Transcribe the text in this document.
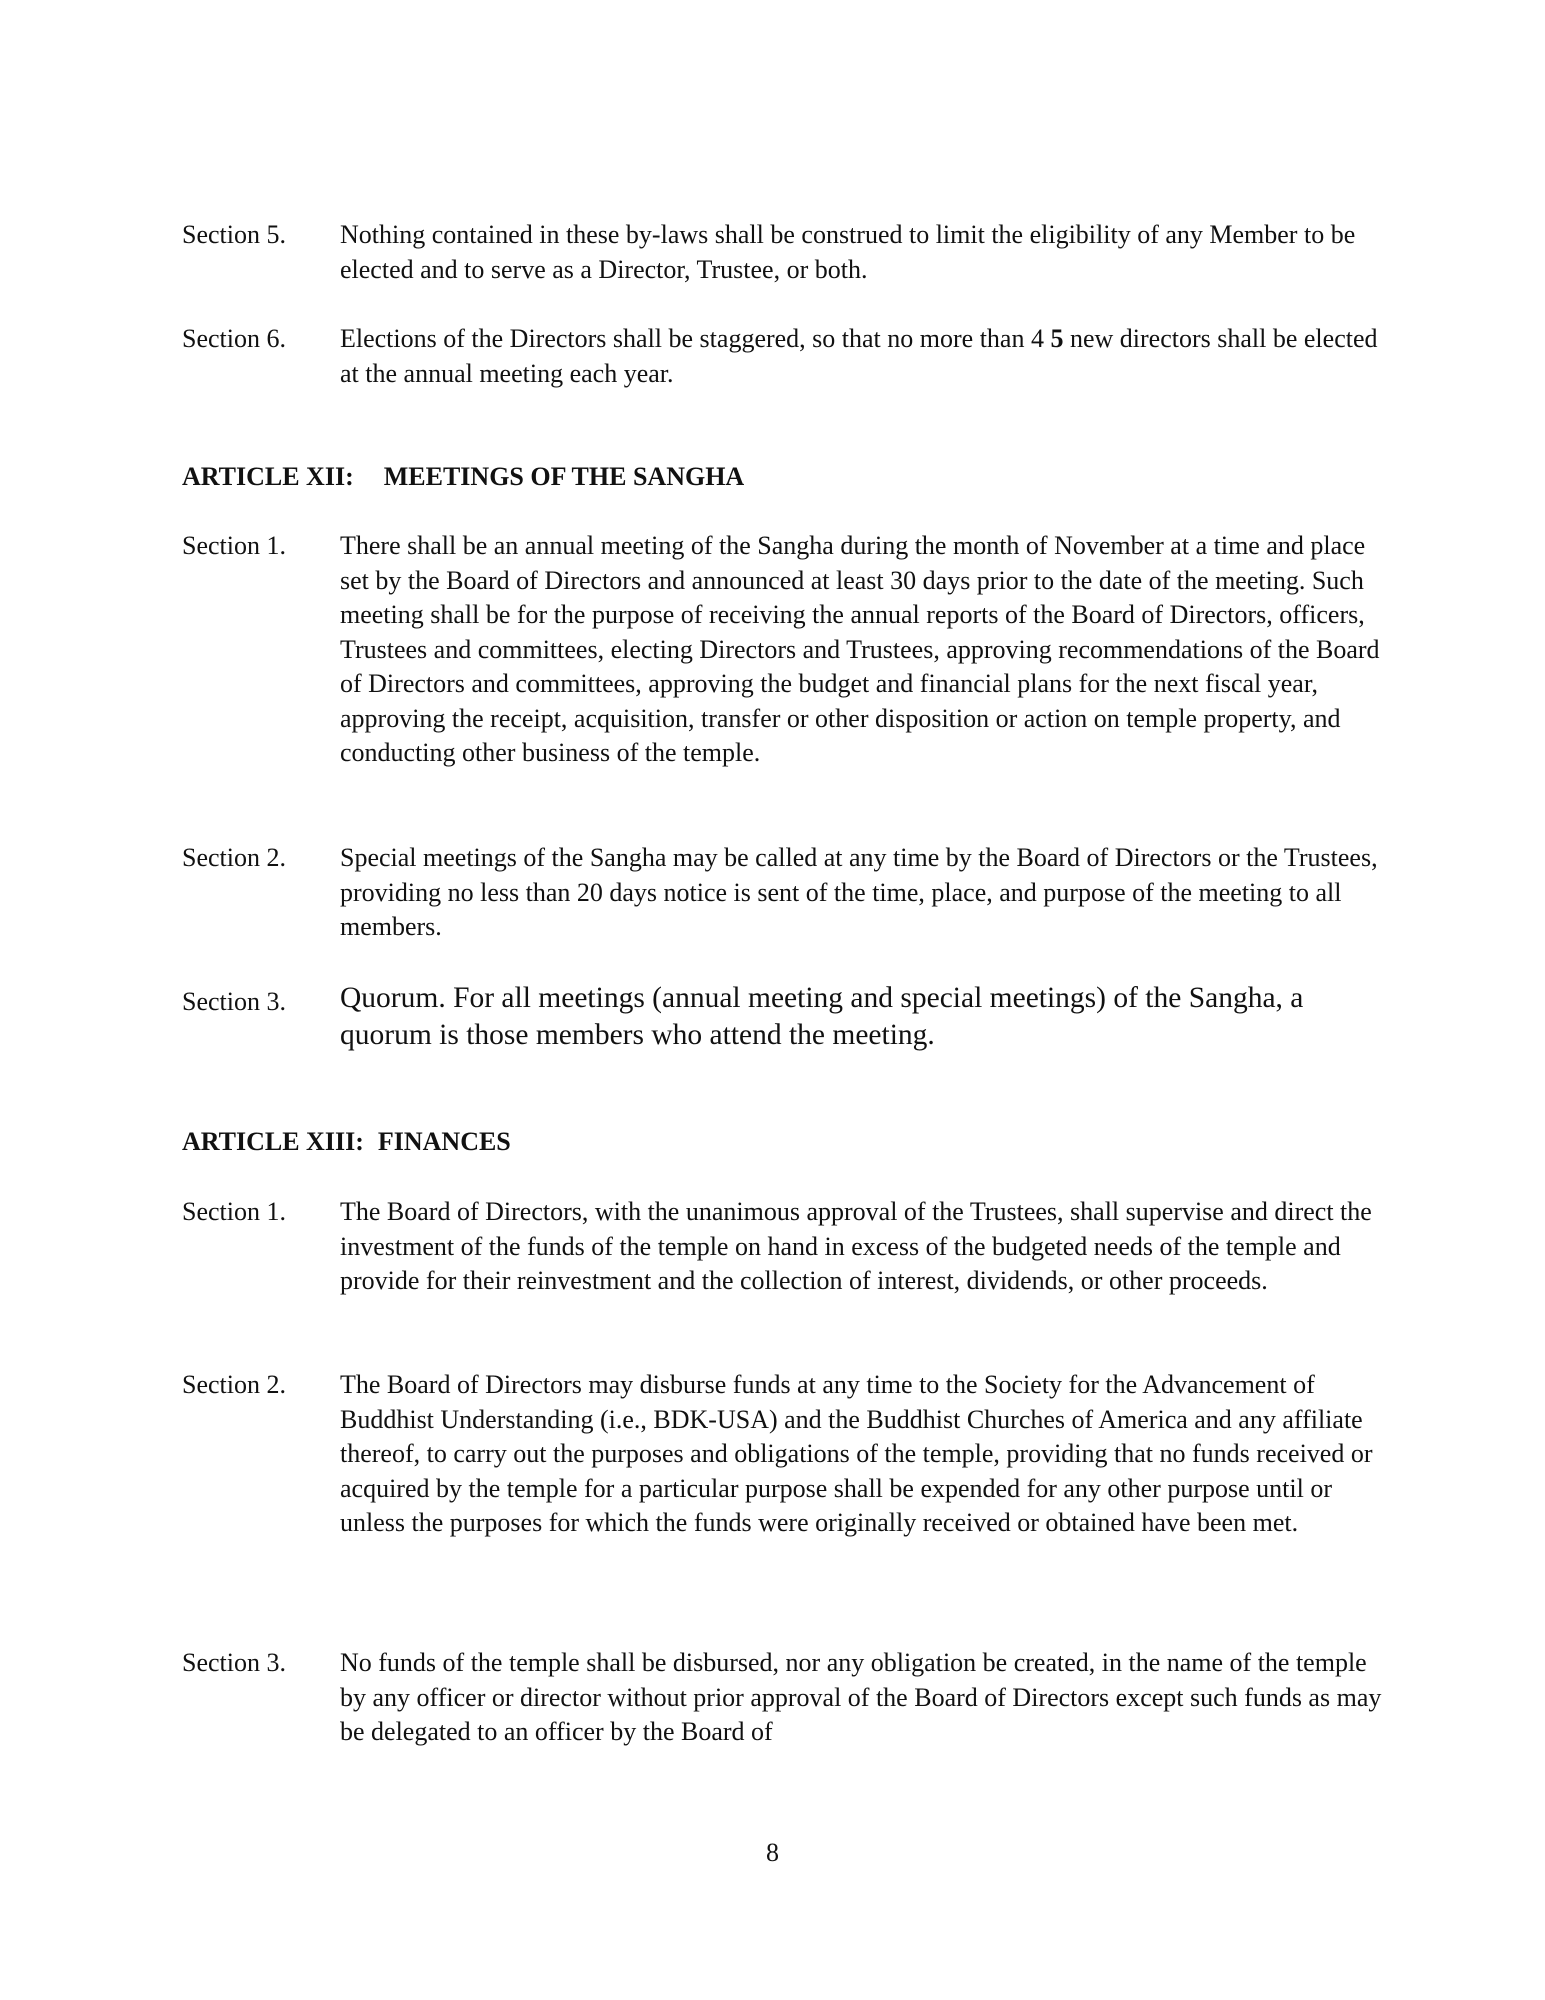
Section 5.	Nothing contained in these by-laws shall be construed to limit the eligibility of any Member to be elected and to serve as a Director, Trustee, or both.
Section 6.	Elections of the Directors shall be staggered, so that no more than 4 5 new directors shall be elected at the annual meeting each year.
ARTICLE XII: MEETINGS OF THE SANGHA
Section 1.	There shall be an annual meeting of the Sangha during the month of November at a time and place set by the Board of Directors and announced at least 30 days prior to the date of the meeting. Such meeting shall be for the purpose of receiving the annual reports of the Board of Directors, officers, Trustees and committees, electing Directors and Trustees, approving recommendations of the Board of Directors and committees, approving the budget and financial plans for the next fiscal year, approving the receipt, acquisition, transfer or other disposition or action on temple property, and conducting other business of the temple.
Section 2.	Special meetings of the Sangha may be called at any time by the Board of Directors or the Trustees, providing no less than 20 days notice is sent of the time, place, and purpose of the meeting to all members.
Section 3.	Quorum. For all meetings (annual meeting and special meetings) of the Sangha, a quorum is those members who attend the meeting.
ARTICLE XIII: FINANCES
Section 1.	The Board of Directors, with the unanimous approval of the Trustees, shall supervise and direct the investment of the funds of the temple on hand in excess of the budgeted needs of the temple and provide for their reinvestment and the collection of interest, dividends, or other proceeds.
Section 2.	The Board of Directors may disburse funds at any time to the Society for the Advancement of Buddhist Understanding (i.e., BDK-USA) and the Buddhist Churches of America and any affiliate thereof, to carry out the purposes and obligations of the temple, providing that no funds received or acquired by the temple for a particular purpose shall be expended for any other purpose until or unless the purposes for which the funds were originally received or obtained have been met.
Section 3.	No funds of the temple shall be disbursed, nor any obligation be created, in the name of the temple by any officer or director without prior approval of the Board of Directors except such funds as may be delegated to an officer by the Board of
8
